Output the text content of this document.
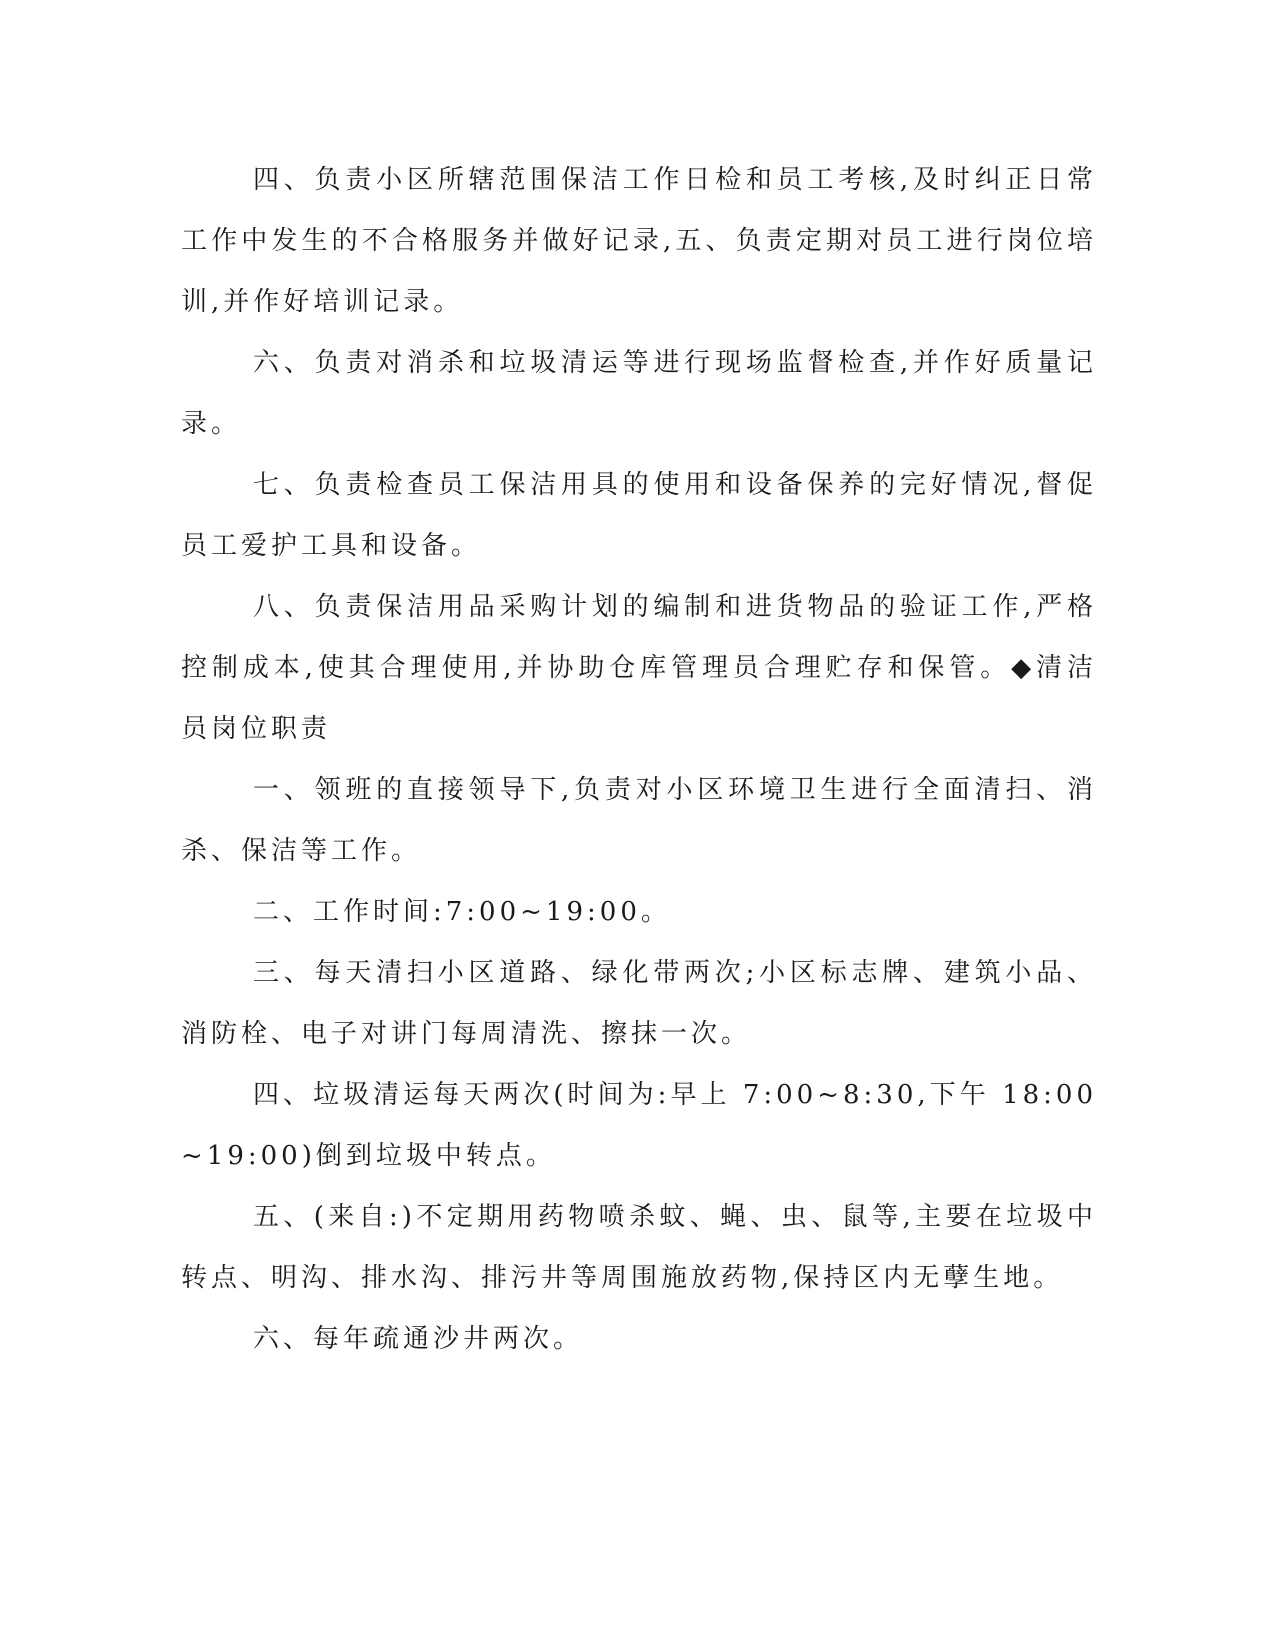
四、负责小区所辖范围保洁工作日检和员工考核,及时纠正日常工作中发生的不合格服务并做好记录,五、负责定期对员工进行岗位培训,并作好培训记录。

六、负责对消杀和垃圾清运等进行现场监督检查,并作好质量记录。

七、负责检查员工保洁用具的使用和设备保养的完好情况,督促员工爱护工具和设备。

八、负责保洁用品采购计划的编制和进货物品的验证工作,严格控制成本,使其合理使用,并协助仓库管理员合理贮存和保管。◆清洁员岗位职责

一、领班的直接领导下,负责对小区环境卫生进行全面清扫、消杀、保洁等工作。

二、工作时间:7:00~19:00。

三、每天清扫小区道路、绿化带两次;小区标志牌、建筑小品、消防栓、电子对讲门每周清洗、擦抹一次。

四、垃圾清运每天两次(时间为:早上 7:00~8:30,下午 18:00~19:00)倒到垃圾中转点。

五、(来自:)不定期用药物喷杀蚊、蝇、虫、鼠等,主要在垃圾中转点、明沟、排水沟、排污井等周围施放药物,保持区内无孽生地。

六、每年疏通沙井两次。
